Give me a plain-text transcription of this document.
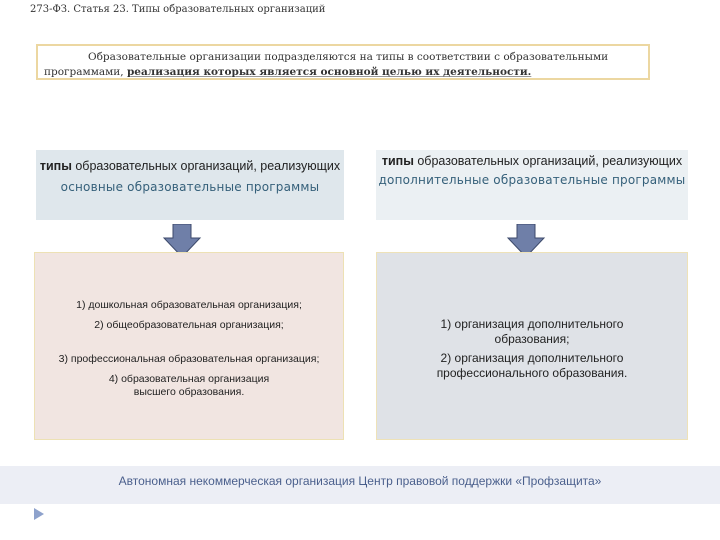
273-ФЗ. Статья 23. Типы образовательных организаций
Образовательные организации подразделяются на типы в соответствии с образовательными
программами, реализация которых является основной целью их деятельности.
типы образовательных организаций, реализующих
основные образовательные программы
типы образовательных организаций, реализующих
дополнительные образовательные программы
1) дошкольная образовательная организация;
2) общеобразовательная организация;
3) профессиональная образовательная организация;
4) образовательная организация высшего образования.
1) организация дополнительного образования;
2) организация дополнительного профессионального образования.
Автономная некоммерческая организация Центр правовой поддержки «Профзащита»
